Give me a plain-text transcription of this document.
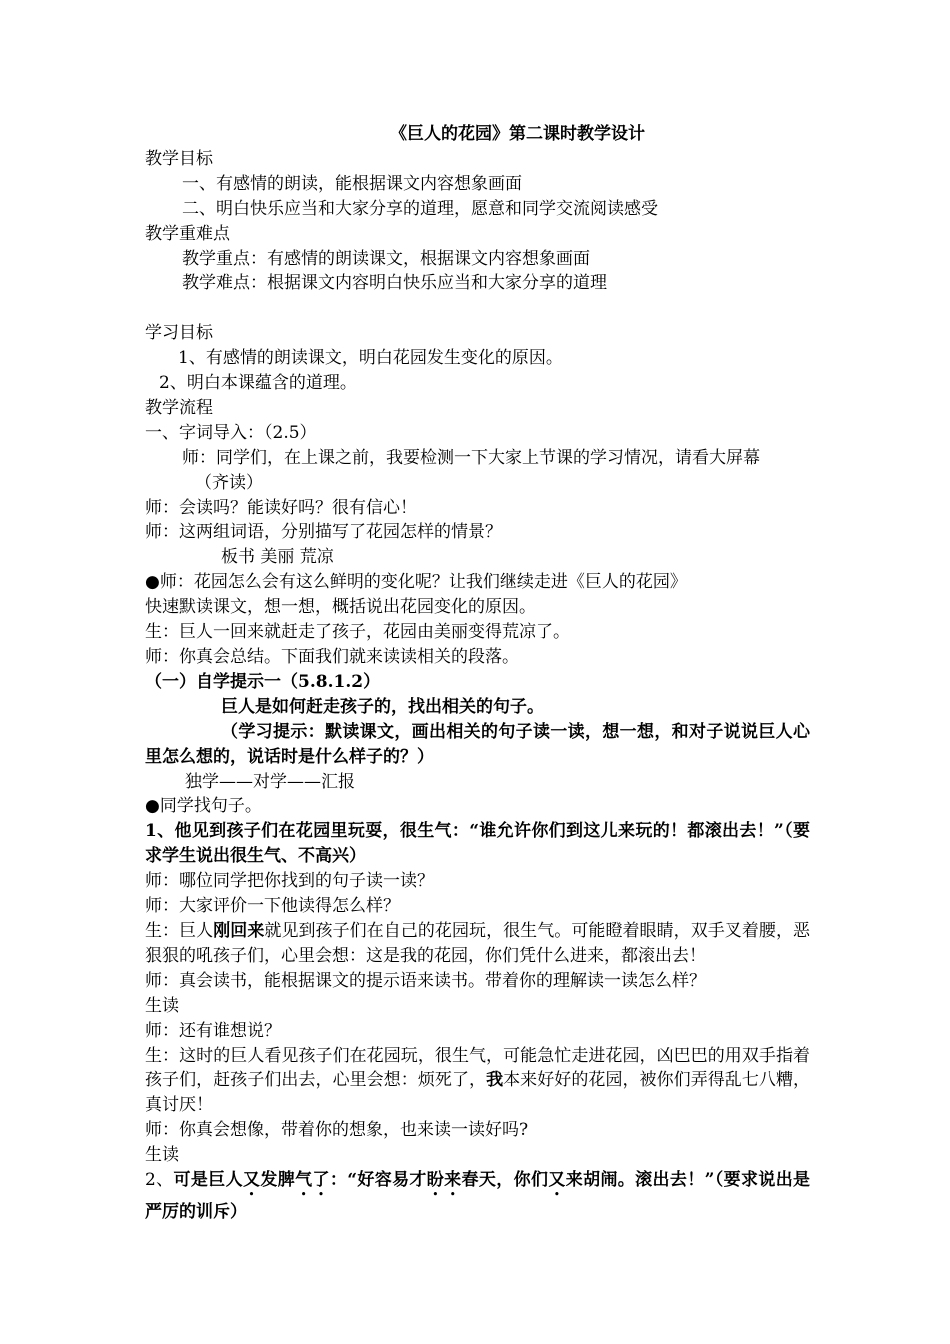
《巨人的花园》第二课时教学设计
教学目标
一、有感情的朗读，能根据课文内容想象画面
二、明白快乐应当和大家分享的道理，愿意和同学交流阅读感受
教学重难点
教学重点：有感情的朗读课文，根据课文内容想象画面
教学难点：根据课文内容明白快乐应当和大家分享的道理
学习目标
1、有感情的朗读课文，明白花园发生变化的原因。
2、明白本课蕴含的道理。
教学流程
一、字词导入：（2.5）
师：同学们，在上课之前，我要检测一下大家上节课的学习情况，请看大屏幕
（齐读）
师：会读吗？能读好吗？很有信心！
师：这两组词语，分别描写了花园怎样的情景？
板书 美丽 荒凉
●师：花园怎么会有这么鲜明的变化呢？让我们继续走进《巨人的花园》
快速默读课文，想一想，概括说出花园变化的原因。
生：巨人一回来就赶走了孩子，花园由美丽变得荒凉了。
师：你真会总结。下面我们就来读读相关的段落。
（一）自学提示一（5.8.1.2）
巨人是如何赶走孩子的，找出相关的句子。
（学习提示：默读课文，画出相关的句子读一读，想一想，和对子说说巨人心里怎么想的，说话时是什么样子的？）
独学——对学——汇报
●同学找句子。
1、他见到孩子们在花园里玩耍，很生气：“谁允许你们到这儿来玩的！都滚出去！”（要求学生说出很生气、不高兴）
师：哪位同学把你找到的句子读一读？
师：大家评价一下他读得怎么样？
生：巨人刚回来就见到孩子们在自己的花园玩，很生气。可能瞪着眼睛，双手叉着腰，恶狠狠的吼孩子们，心里会想：这是我的花园，你们凭什么进来，都滚出去！
师：真会读书，能根据课文的提示语来读书。带着你的理解读一读怎么样？
生读
师：还有谁想说？
生：这时的巨人看见孩子们在花园玩，很生气，可能急忙走进花园，凶巴巴的用双手指着孩子们，赶孩子们出去，心里会想：烦死了，我本来好好的花园，被你们弄得乱七八糟，真讨厌！
师：你真会想像，带着你的想象，也来读一读好吗?
生读
2、可是巨人又发脾气了：“好容易才盼来春天，你们又来胡闹。滚出去！”（要求说出是严厉的训斥）
